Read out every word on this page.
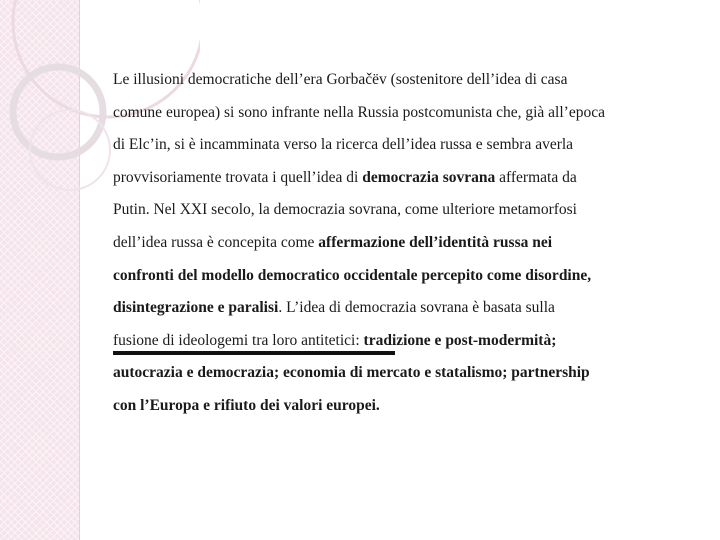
Le illusioni democratiche dell’era Gorbačëv (sostenitore dell’idea di casa
comune europea) si sono infrante nella Russia postcomunista che, già all’epoca
di Elc’in, si è incamminata verso la ricerca dell’idea russa e sembra averla
provvisoriamente trovata i quell’idea di democrazia sovrana affermata da
Putin. Nel XXI secolo, la democrazia sovrana, come ulteriore metamorfosi
dell’idea russa è concepita come affermazione dell’identità russa nei
confronti del modello democratico occidentale percepito come disordine,
disintegrazione e paralisi. L’idea di democrazia sovrana è basata sulla
fusione di ideologemi tra loro antitetici: tradizione e post-modermità;
autocrazia e democrazia; economia di mercato e statalismo; partnership
con l’Europa e rifiuto dei valori europei.
